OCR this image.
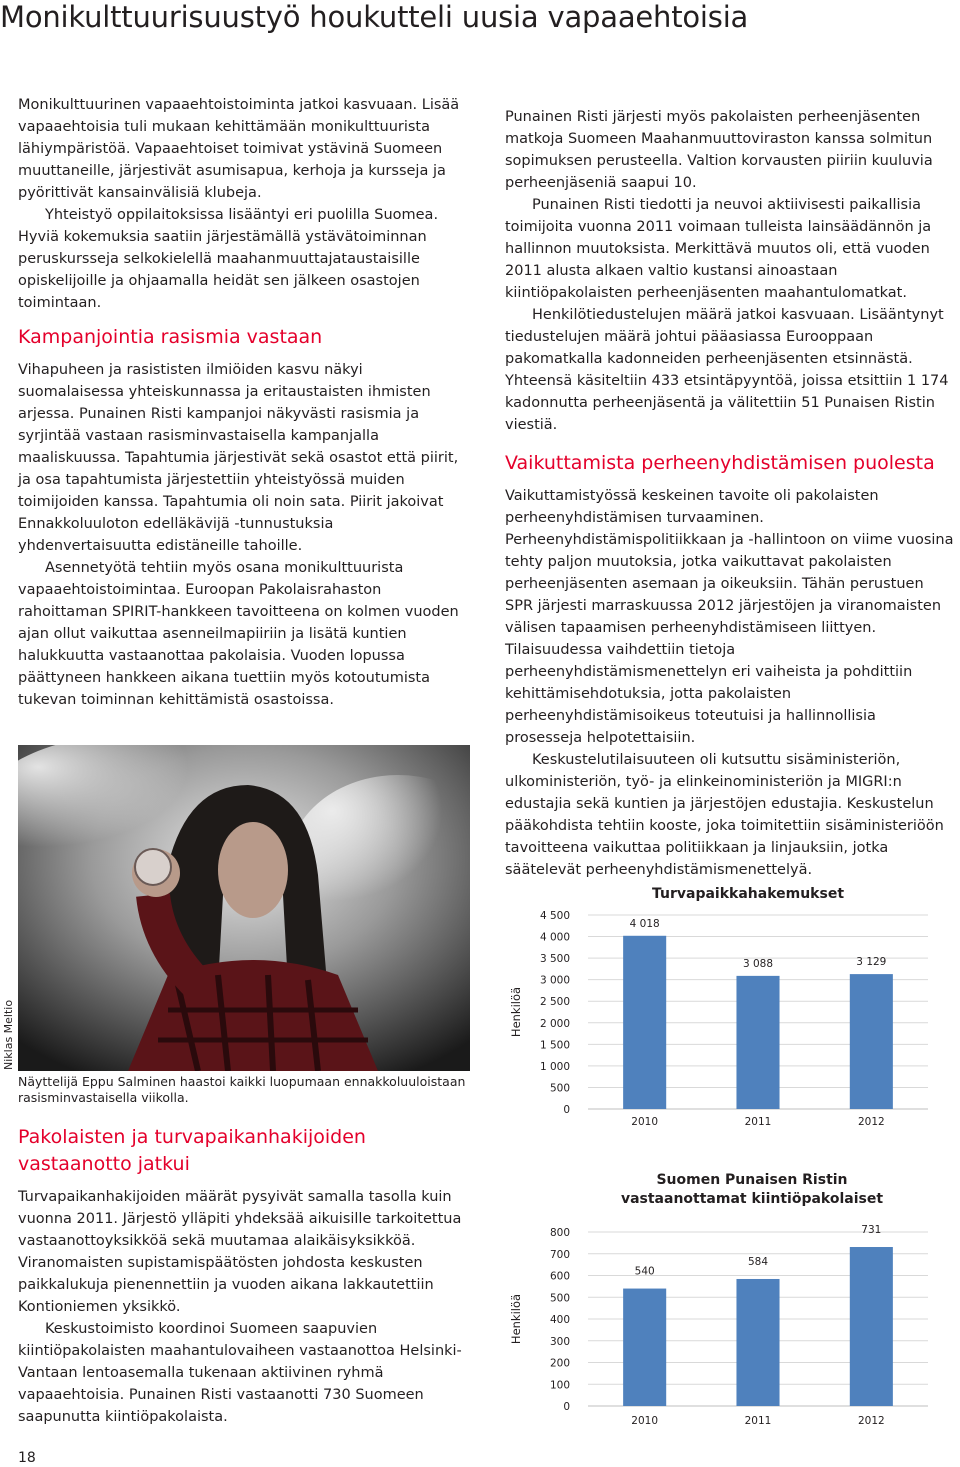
Monikulttuurisuustyö houkutteli uusia vapaaehtoisia

Monikulttuurinen vapaaehtoistoiminta jatkoi kasvuaan. Lisää vapaaehtoisia tuli mukaan kehittämään monikulttuurista lähiympäristöä. Vapaaehtoiset toimivat ystävinä Suomeen muuttaneille, järjestivät asumisapua, kerhoja ja kursseja ja pyörittivät kansainvälisiä klubeja.

Yhteistyö oppilaitoksissa lisääntyi eri puolilla Suomea. Hyviä kokemuksia saatiin järjestämällä ystävätoiminnan peruskursseja selkokielellä maahanmuuttajataustaisille opiskelijoille ja ohjaamalla heidät sen jälkeen osastojen toimintaan.

Kampanjointia rasismia vastaan

Vihapuheen ja rasististen ilmiöiden kasvu näkyi suomalaisessa yhteiskunnassa ja eritaustaisten ihmisten arjessa. Punainen Risti kampanjoi näkyvästi rasismia ja syrjintää vastaan rasisminvastaisella kampanjalla maaliskuussa. Tapahtumia järjestivät sekä osastot että piirit, ja osa tapahtumista järjestettiin yhteistyössä muiden toimijoiden kanssa. Tapahtumia oli noin sata. Piirit jakoivat Ennakkoluuloton edelläkävijä -tunnustuksia yhdenvertaisuutta edistäneille tahoille.

Asennetyötä tehtiin myös osana monikulttuurista vapaaehtoistoimintaa. Euroopan Pakolaisrahaston rahoittaman SPIRIT-hankkeen tavoitteena on kolmen vuoden ajan ollut vaikuttaa asenneilmapiiriin ja lisätä kuntien halukkuutta vastaanottaa pakolaisia. Vuoden lopussa päättyneen hankkeen aikana tuettiin myös kotoutumista tukevan toiminnan kehittämistä osastoissa.

Niklas Meltio
Näyttelijä Eppu Salminen haastoi kaikki luopumaan ennakkoluuloistaan rasisminvastaisella viikolla.
Pakolaisten ja turvapaikanhakijoiden vastaanotto jatkui

Turvapaikanhakijoiden määrät pysyivät samalla tasolla kuin vuonna 2011. Järjestö ylläpiti yhdeksää aikuisille tarkoitettua vastaanottoyksikköä sekä muutamaa alaikäisyksikköä. Viranomaisten supistamispäätösten johdosta keskusten paikkalukuja pienennettiin ja vuoden aikana lakkautettiin Kontioniemen yksikkö.

Keskustoimisto koordinoi Suomeen saapuvien kiintiöpakolaisten maahantulovaiheen vastaanottoa Helsinki-Vantaan lentoasemalla tukenaan aktiivinen ryhmä vapaaehtoisia. Punainen Risti vastaanotti 730 Suomeen saapunutta kiintiöpakolaista.

Punainen Risti järjesti myös pakolaisten perheenjäsenten matkoja Suomeen Maahanmuuttoviraston kanssa solmitun sopimuksen perusteella. Valtion korvausten piiriin kuuluvia perheenjäseniä saapui 10.

Punainen Risti tiedotti ja neuvoi aktiivisesti paikallisia toimijoita vuonna 2011 voimaan tulleista lainsäädännön ja hallinnon muutoksista. Merkittävä muutos oli, että vuoden 2011 alusta alkaen valtio kustansi ainoastaan kiintiöpakolaisten perheenjäsenten maahantulomatkat.

Henkilötiedustelujen määrä jatkoi kasvuaan. Lisääntynyt tiedustelujen määrä johtui pääasiassa Eurooppaan pakomatkalla kadonneiden perheenjäsenten etsinnästä. Yhteensä käsiteltiin 433 etsintäpyyntöä, joissa etsittiin 1 174 kadonnutta perheenjäsentä ja välitettiin 51 Punaisen Ristin viestiä.

Vaikuttamista perheenyhdistämisen puolesta

Vaikuttamistyössä keskeinen tavoite oli pakolaisten perheenyhdistämisen turvaaminen. Perheenyhdistämispolitiikkaan ja -hallintoon on viime vuosina tehty paljon muutoksia, jotka vaikuttavat pakolaisten perheenjäsenten asemaan ja oikeuksiin. Tähän perustuen SPR järjesti marraskuussa 2012 järjestöjen ja viranomaisten välisen tapaamisen perheenyhdistämiseen liittyen. Tilaisuudessa vaihdettiin tietoja perheenyhdistämismenettelyn eri vaiheista ja pohdittiin kehittämisehdotuksia, jotta pakolaisten perheenyhdistämisoikeus toteutuisi ja hallinnollisia prosesseja helpotettaisiin.

Keskustelutilaisuuteen oli kutsuttu sisäministeriön, ulkoministeriön, työ- ja elinkeinoministeriön ja MIGRI:n edustajia sekä kuntien ja järjestöjen edustajia. Keskustelun pääkohdista tehtiin kooste, joka toimitettiin sisäministeriöön tavoitteena vaikuttaa politiikkaan ja linjauksiin, jotka säätelevät perheenyhdistämismenettelyä.

Turvapaikkahakemukset
0
500
1 000
1 500
2 000
2 500
3 000
3 500
4 000
4 500
Henkilöä
4 018
2010
3 088
2011
3 129
2012
Suomen Punaisen Ristin
vastaanottamat kiintiöpakolaiset
0
100
200
300
400
500
600
700
800
Henkilöä
540
2010
584
2011
731
2012
18
